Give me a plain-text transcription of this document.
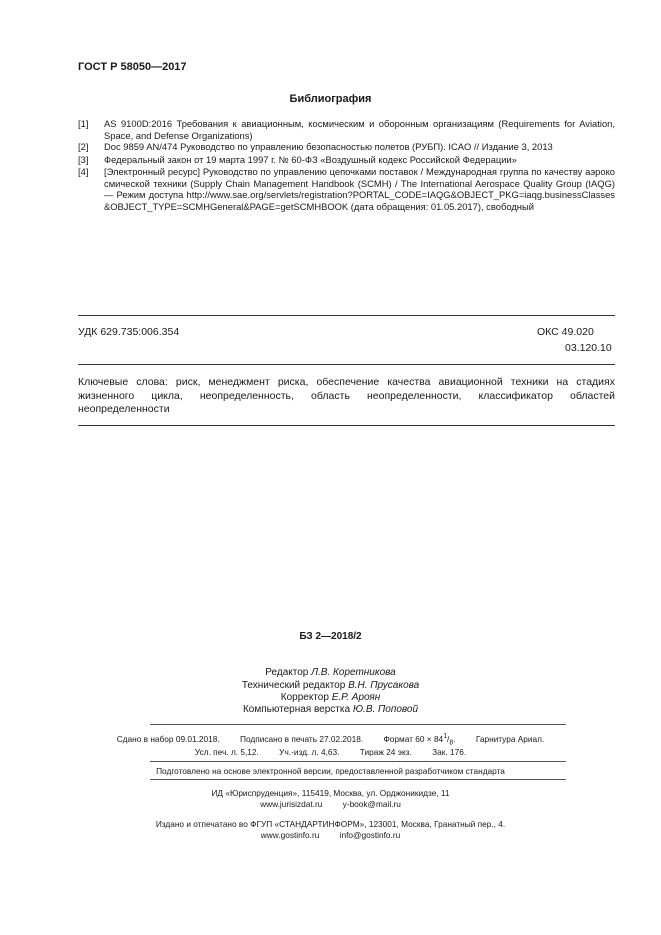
ГОСТ Р 58050—2017
Библиография
[1] AS 9100D:2016 Требования к авиационным, космическим и оборонным организациям (Requirements for Aviation, Space, and Defense Organizations)
[2] Doc 9859 AN/474 Руководство по управлению безопасностью полетов (РУБП). ICAO // Издание 3, 2013
[3] Федеральный закон от 19 марта 1997 г. № 60-ФЗ «Воздушный кодекс Российской Федерации»
[4] [Электронный ресурс] Руководство по управлению цепочками поставок / Международная группа по качеству аэрокосмической техники (Supply Chain Management Handbook (SCMH) / The International Aerospace Quality Group (IAQG) — Режим доступа http://www.sae.org/servlets/registration?PORTAL_CODE=IAQG&OBJECT_PKG=iaqg.businessClasses&OBJECT_TYPE=SCMHGeneral&PAGE=getSCMHBOOK (дата обращения: 01.05.2017), свободный
УДК 629.735:006.354	ОКС 49.020
03.120.10
Ключевые слова: риск, менеджмент риска, обеспечение качества авиационной техники на стадиях жизненного цикла, неопределенность, область неопределенности, классификатор областей неопределенности
БЗ 2—2018/2
Редактор Л.В. Коретникова
Технический редактор В.Н. Прусакова
Корректор Е.Р. Ароян
Компьютерная верстка Ю.В. Поповой
Сдано в набор 09.01.2018. Подписано в печать 27.02.2018. Формат $60 \times 84^1/_8$. Гарнитура Ариал.
Усл. печ. л. 5,12. Уч.-изд. л. 4,63. Тираж 24 экз. Зак. 176.
Подготовлено на основе электронной версии, предоставленной разработчиком стандарта
ИД «Юриспруденция», 115419, Москва, ул. Орджоникидзе, 11
www.jurisizdat.ru y-book@mail.ru
Издано и отпечатано во ФГУП «СТАНДАРТИНФОРМ», 123001, Москва, Гранатный пер., 4.
www.gostinfo.ru info@gostinfo.ru
